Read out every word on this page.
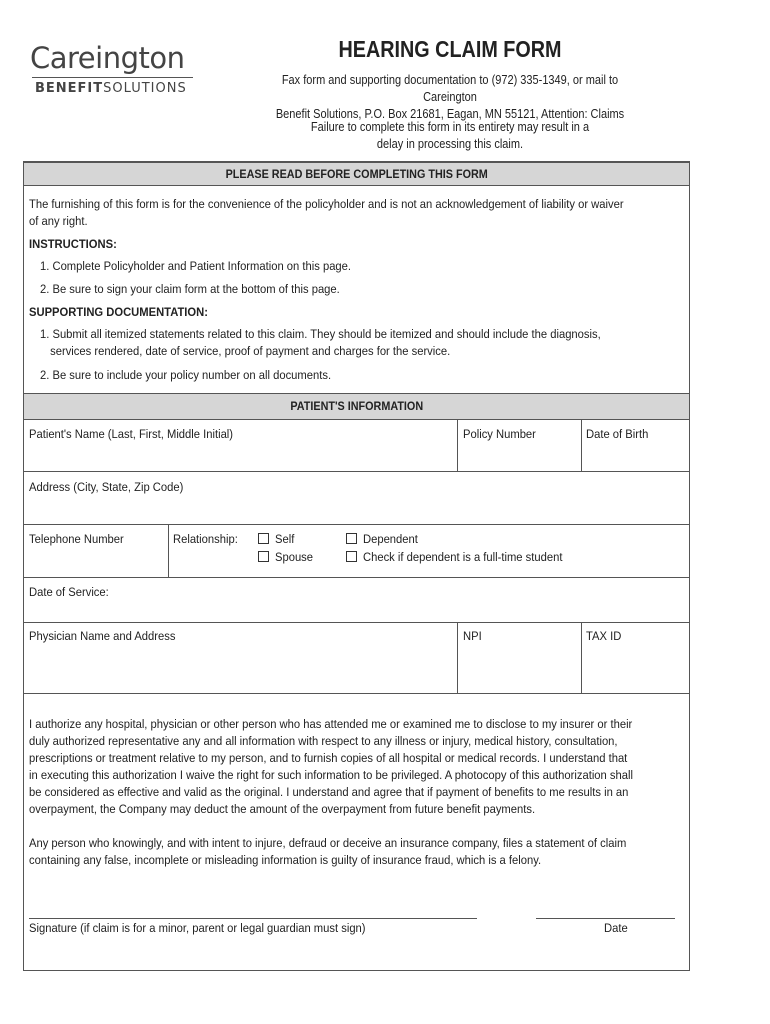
Careington
BENEFITSOLUTIONS
HEARING CLAIM FORM
Fax form and supporting documentation to (972) 335-1349, or mail to Careington
Benefit Solutions, P.O. Box 21681, Eagan, MN 55121, Attention: Claims
Failure to complete this form in its entirety may result in a
delay in processing this claim.
PLEASE READ BEFORE COMPLETING THIS FORM
The furnishing of this form is for the convenience of the policyholder and is not an acknowledgement of liability or waiver
of any right.
INSTRUCTIONS:
1. Complete Policyholder and Patient Information on this page.
2. Be sure to sign your claim form at the bottom of this page.
SUPPORTING DOCUMENTATION:
1. Submit all itemized statements related to this claim. They should be itemized and should include the diagnosis,
services rendered, date of service, proof of payment and charges for the service.
2. Be sure to include your policy number on all documents.
PATIENT'S INFORMATION
Patient's Name (Last, First, Middle Initial)	Policy Number	Date of Birth
Address (City, State, Zip Code)
Telephone Number	Relationship:	Self
Spouse
Dependent
Check if dependent is a full-time student
Date of Service:
Physician Name and Address	NPI	TAX ID
I authorize any hospital, physician or other person who has attended me or examined me to disclose to my insurer or their
duly authorized representative any and all information with respect to any illness or injury, medical history, consultation,
prescriptions or treatment relative to my person, and to furnish copies of all hospital or medical records. I understand that
in executing this authorization I waive the right for such information to be privileged. A photocopy of this authorization shall
be considered as effective and valid as the original. I understand and agree that if payment of benefits to me results in an
overpayment, the Company may deduct the amount of the overpayment from future benefit payments.
Any person who knowingly, and with intent to injure, defraud or deceive an insurance company, files a statement of claim
containing any false, incomplete or misleading information is guilty of insurance fraud, which is a felony.
Signature (if claim is for a minor, parent or legal guardian must sign)	Date
